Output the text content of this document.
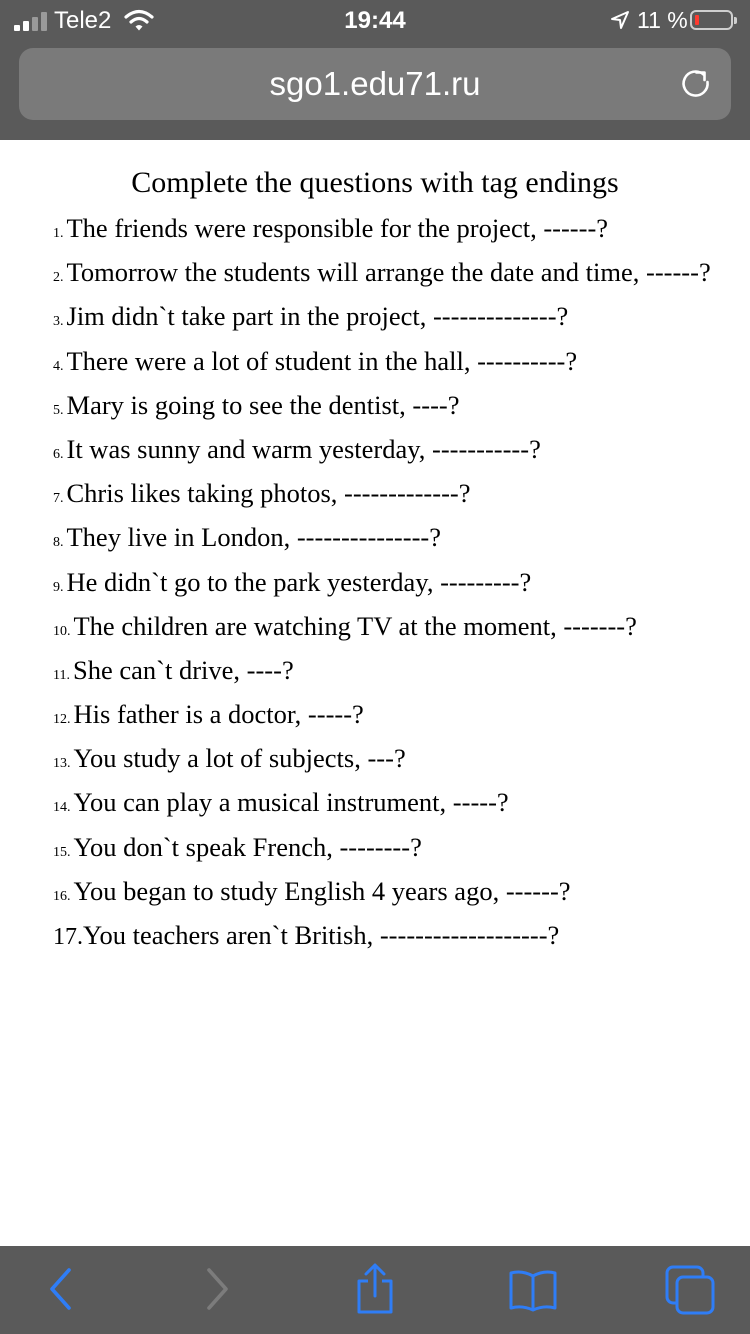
Tele2	19:44	11 %
sgo1.edu71.ru
Complete the questions with tag endings
1. The friends were responsible for the project, ------?
2. Tomorrow the students will arrange the date and time, ------?
3. Jim didn`t take part in the project, --------------?
4. There were a lot of student in the hall, ----------?
5. Mary is going to see the dentist, ----?
6. It was sunny and warm yesterday, -----------?
7. Chris likes taking photos, -------------?
8. They live in London, ---------------?
9. He didn`t go to the park yesterday, ---------?
10. The children are watching TV at the moment, -------?
11. She can`t drive, ----?
12. His father is a doctor, -----?
13. You study a lot of subjects, ---?
14. You can play a musical instrument, -----?
15. You don`t speak French, --------?
16. You began to study English 4 years ago, ------?
17.You teachers aren`t British, -------------------?
